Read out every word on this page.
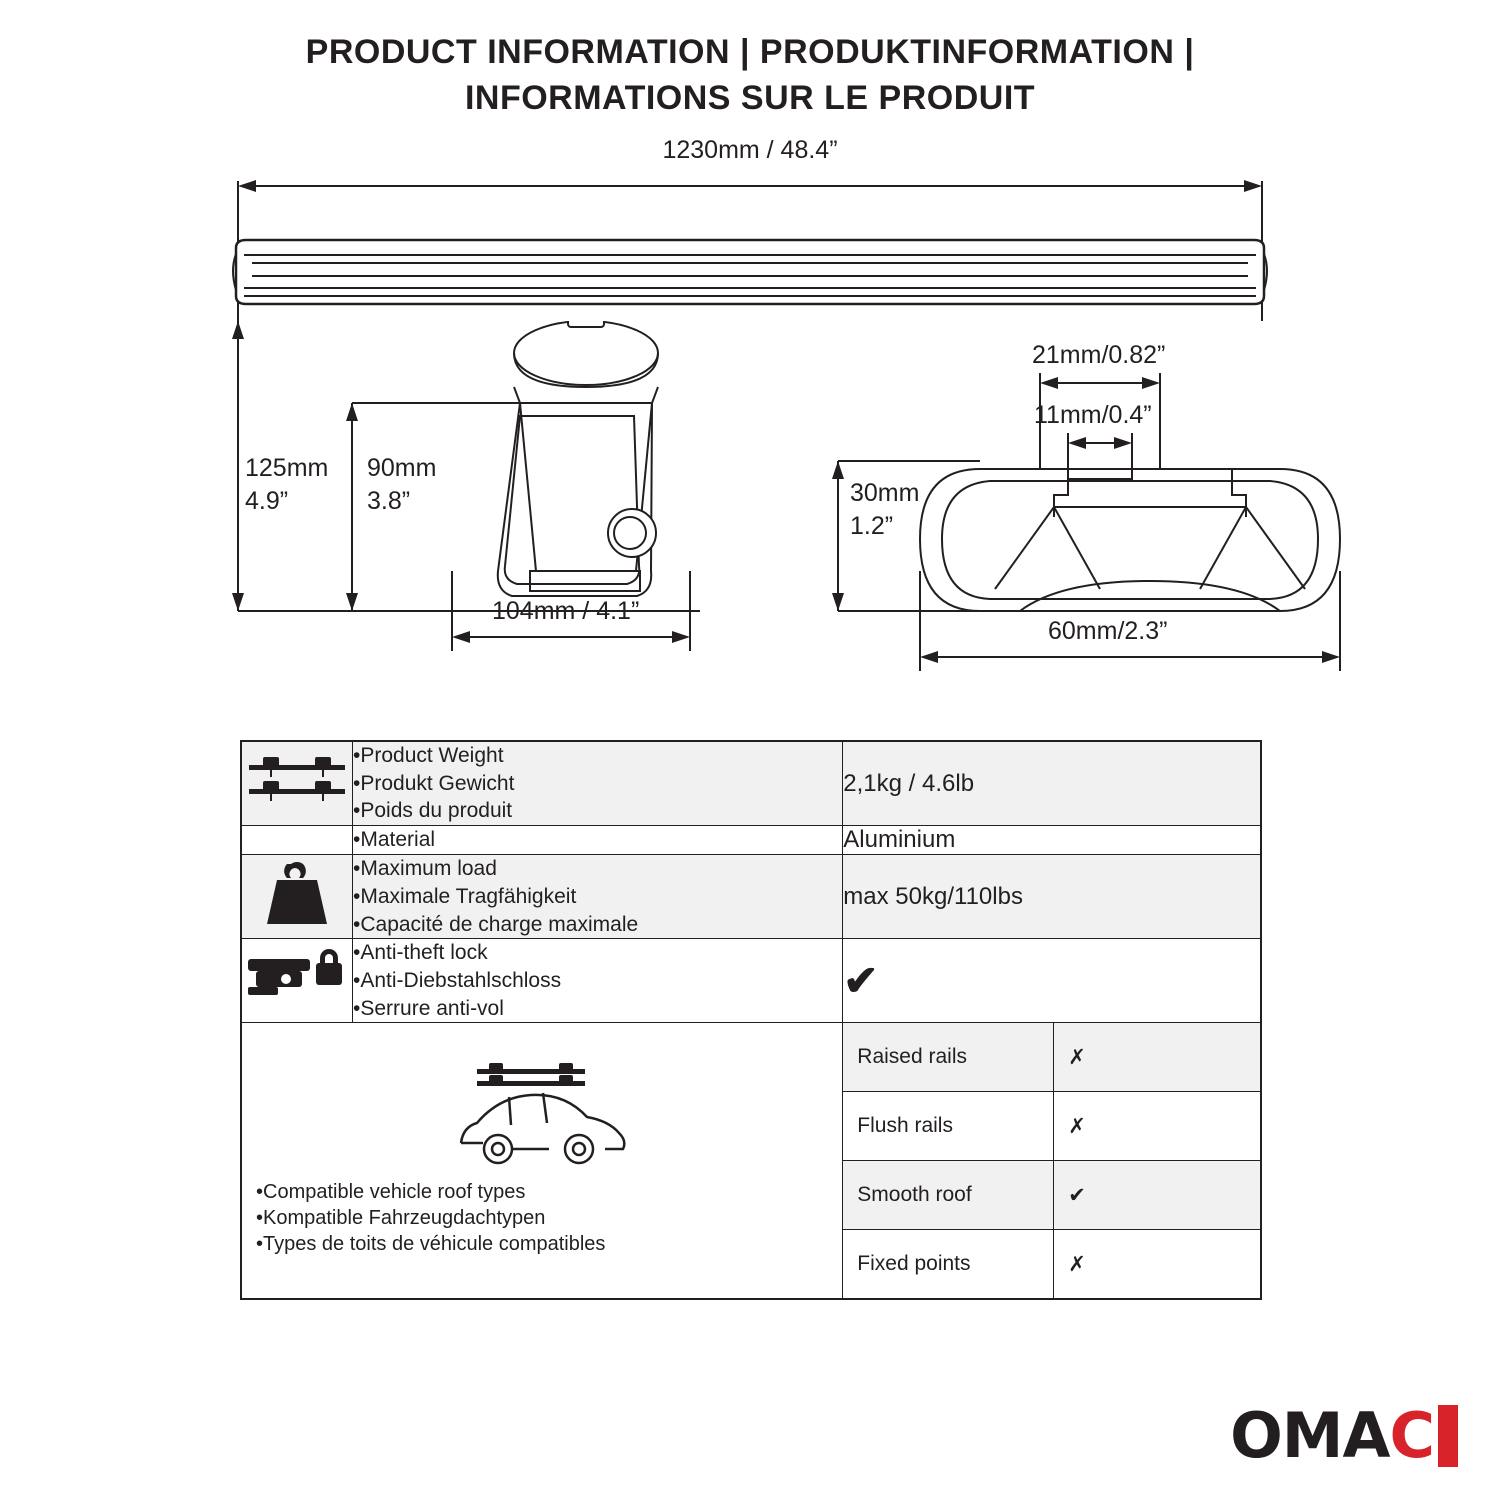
PRODUCT INFORMATION | PRODUKTINFORMATION |
INFORMATIONS SUR LE PRODUIT
1230mm / 48.4”
125mm
4.9”
90mm
3.8”
104mm / 4.1”
21mm/0.82”
11mm/0.4”
30mm
1.2”
60mm/2.3”

•Product Weight
•Produkt Gewicht
•Poids du produit
	2,1kg / 4.6lb

•Material	Aluminium

•Maximum load
•Maximale Tragfähigkeit
•Capacité de charge maximale
	max 50kg/110lbs

•Anti-theft lock
•Anti-Diebstahlschloss
•Serrure anti-vol
	✔

•Compatible vehicle roof types
•Kompatible Fahrzeugdachtypen
•Types de toits de véhicule compatibles

Raised rails	✗
Flush rails	✗
Smooth roof	✔
Fixed points	✗
OM A C
